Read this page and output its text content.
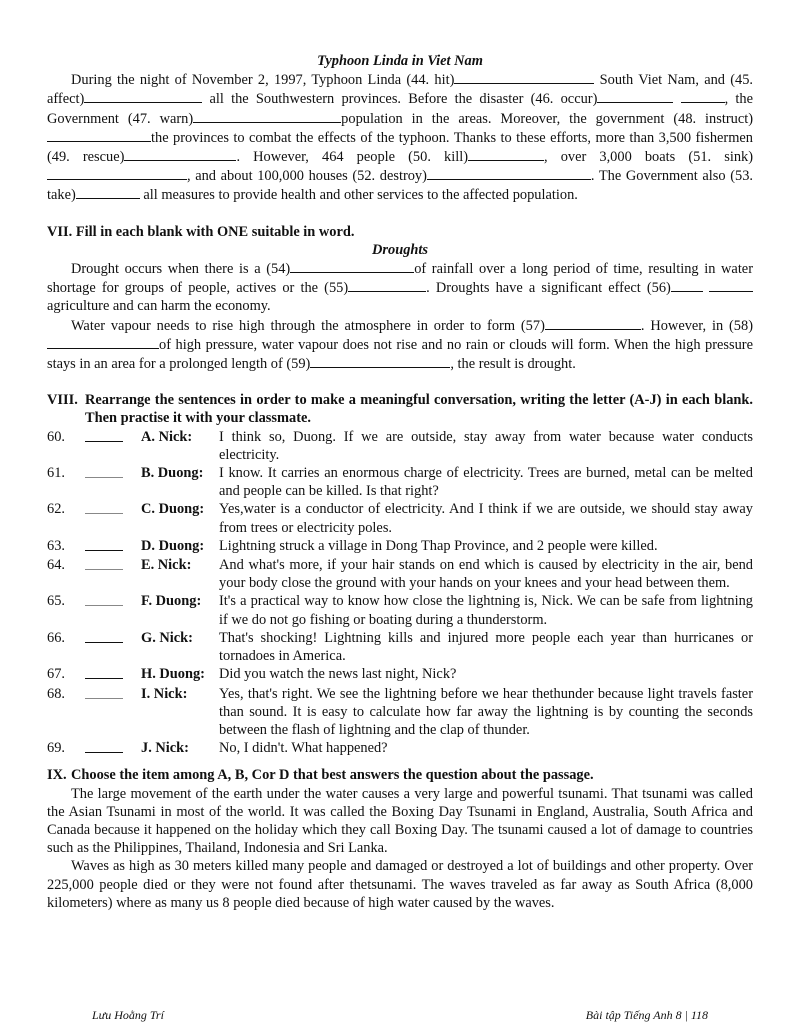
Typhoon Linda in Viet Nam

During the night of November 2, 1997, Typhoon Linda (44. hit)	South Viet Nam, and (45. affect)	all the Southwestern provinces. Before the disaster (46. occur)	, the Government (47. warn)	population in the areas. Moreover, the government (48. instruct)the provinces to combat the effects of the typhoon. Thanks to these efforts, more than 3,500 fishermen (49. rescue)	. However, 464 people (50. kill)	, over 3,000 boats (51. sink), and about 100,000 houses (52. destroy)	. The Government also (53. take)	all measures to provide health and other services to the affected population.

VII. Fill in each blank with ONE suitable in word.

Droughts

Drought occurs when there is a (54)	of rainfall over a long period of time, resulting in water shortage for groups of people, actives or the (55)	. Droughts have a significant effect (56) agriculture and can harm the economy.

Water vapour needs to rise high through the atmosphere in order to form (57)	. However, in (58)of high pressure, water vapour does not rise and no rain or clouds will form. When the high pressure stays in an area for a prolonged length of (59)	, the result is drought.

VIII.	Rearrange the sentences in order to make a meaningful conversation, writing the letter (A-J) in each blank. Then practise it with your classmate.
60.		A. Nick:	I think so, Duong. If we are outside, stay away from water because water conducts electricity.
61.		B. Duong:	I know. It carries an enormous charge of electricity. Trees are burned, metal can be melted and people can be killed. Is that right?
62.		C. Duong:	Yes,water is a conductor of electricity. And I think if we are outside, we should stay away from trees or electricity poles.
63.		D. Duong:	Lightning struck a village in Dong Thap Province, and 2 people were killed.
64.		E. Nick:	And what's more, if your hair stands on end which is caused by electricity in the air, bend your body close the ground with your hands on your knees and your head between them.
65.		F. Duong:	It's a practical way to know how close the lightning is, Nick. We can be safe from lightning if we do not go fishing or boating during a thunderstorm.
66.		G. Nick:	That's shocking! Lightning kills and injured more people each year than hurricanes or tornadoes in America.
67.		H. Duong:	Did you watch the news last night, Nick?
68.		I. Nick:	Yes, that's right. We see the lightning before we hear thethunder because light travels faster than sound. It is easy to calculate how far away the lightning is by counting the seconds between the flash of lightning and the clap of thunder.
69.		J. Nick:	No, I didn't. What happened?
IX.	Choose the item among A, B, Cor D that best answers the question about the passage.

The large movement of the earth under the water causes a very large and powerful tsunami. That tsunami was called the Asian Tsunami in most of the world. It was called the Boxing Day Tsunami in England, Australia, South Africa and Canada because it happened on the holiday which they call Boxing Day. The tsunami caused a lot of damage to countries such as the Philippines, Thailand, Indonesia and Sri Lanka.

Waves as high as 30 meters killed many people and damaged or destroyed a lot of buildings and other property. Over 225,000 people died or they were not found after thetsunami. The waves traveled as far away as South Africa (8,000 kilometers) where as many us 8 people died because of high water caused by the waves.

Lưu Hoằng Trí	Bài tập Tiếng Anh 8 | 118
